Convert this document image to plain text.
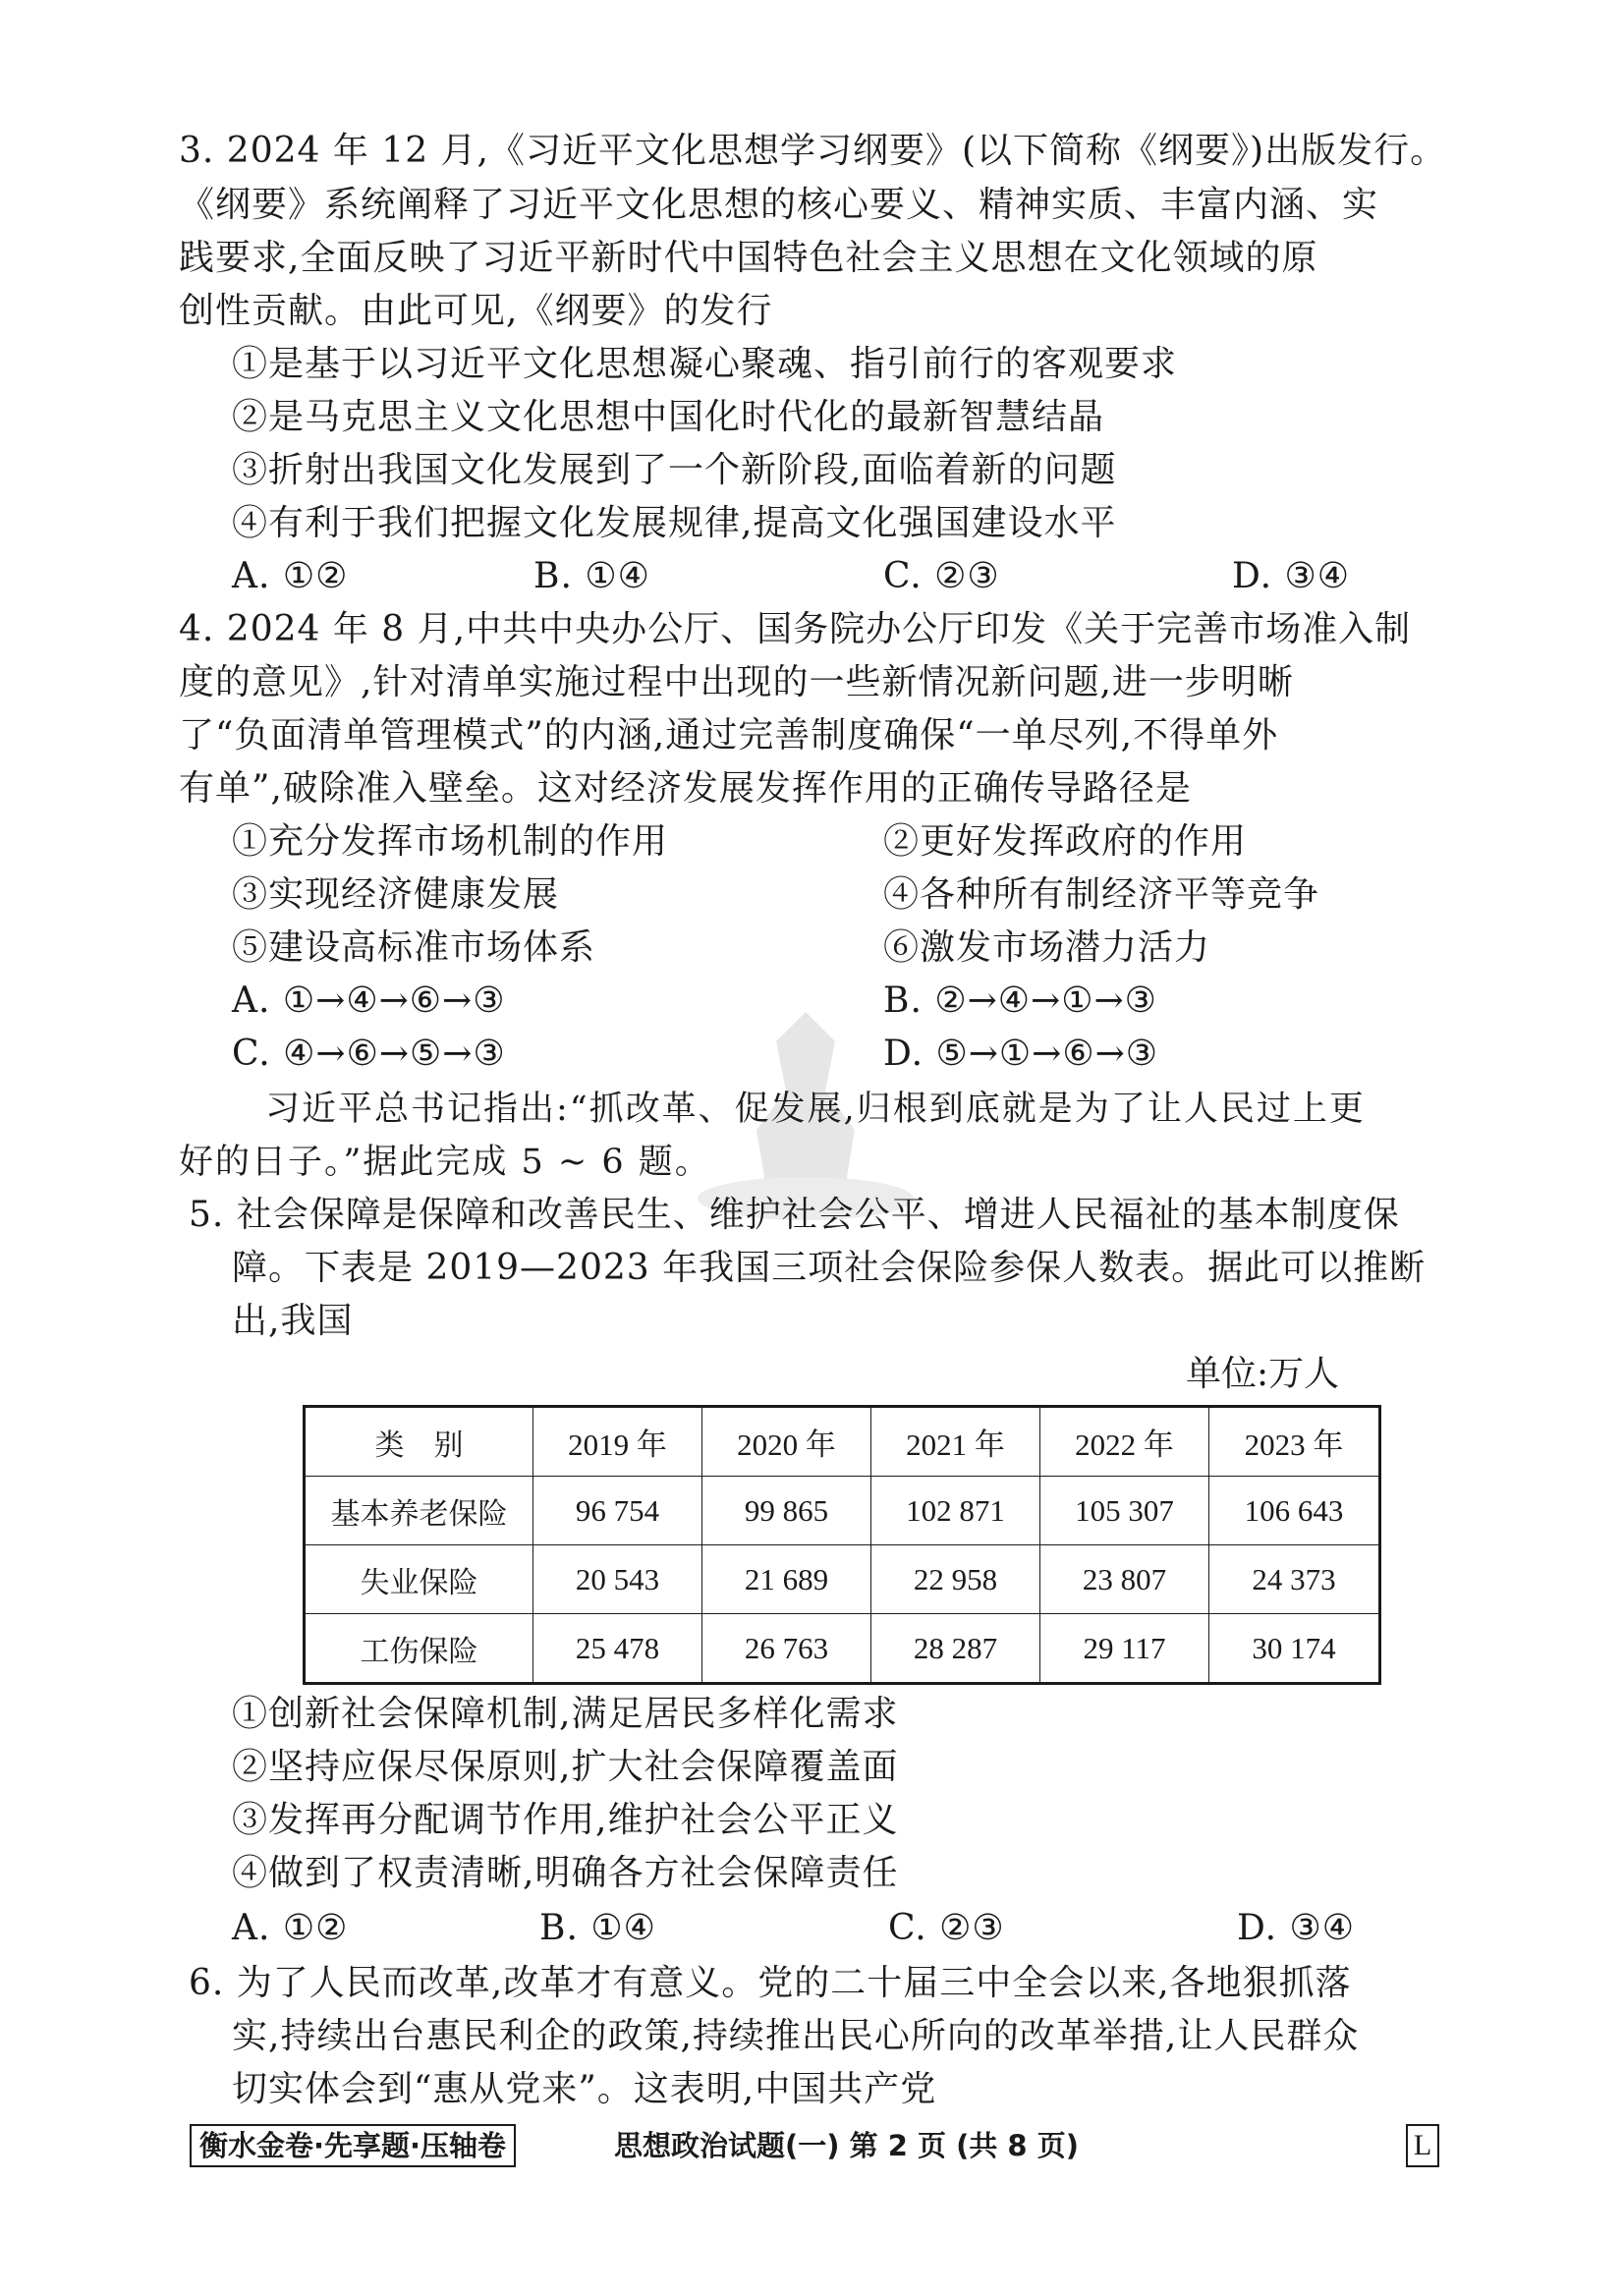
3. 2024 年 12 月,《习近平文化思想学习纲要》(以下简称《纲要》)出版发行。
《纲要》系统阐释了习近平文化思想的核心要义、精神实质、丰富内涵、实
践要求,全面反映了习近平新时代中国特色社会主义思想在文化领域的原
创性贡献。由此可见,《纲要》的发行
①是基于以习近平文化思想凝心聚魂、指引前行的客观要求
②是马克思主义文化思想中国化时代化的最新智慧结晶
③折射出我国文化发展到了一个新阶段,面临着新的问题
④有利于我们把握文化发展规律,提高文化强国建设水平
A. ①②	B. ①④	C. ②③	D. ③④
4. 2024 年 8 月,中共中央办公厅、国务院办公厅印发《关于完善市场准入制
度的意见》,针对清单实施过程中出现的一些新情况新问题,进一步明晰
了“负面清单管理模式”的内涵,通过完善制度确保“一单尽列,不得单外
有单”,破除准入壁垒。这对经济发展发挥作用的正确传导路径是
①充分发挥市场机制的作用	②更好发挥政府的作用
③实现经济健康发展	④各种所有制经济平等竞争
⑤建设高标准市场体系	⑥激发市场潜力活力
A. ①→④→⑥→③	B. ②→④→①→③
C. ④→⑥→⑤→③	D. ⑤→①→⑥→③
习近平总书记指出:“抓改革、促发展,归根到底就是为了让人民过上更
好的日子。”据此完成 5 ~ 6 题。
5. 社会保障是保障和改善民生、维护社会公平、增进人民福祉的基本制度保
障。下表是 2019—2023 年我国三项社会保险参保人数表。据此可以推断
出,我国
单位:万人
类　别	2019 年	2020 年	2021 年	2022 年	2023 年
基本养老保险	96 754	99 865	102 871	105 307	106 643
失业保险	20 543	21 689	22 958	23 807	24 373
工伤保险	25 478	26 763	28 287	29 117	30 174
①创新社会保障机制,满足居民多样化需求
②坚持应保尽保原则,扩大社会保障覆盖面
③发挥再分配调节作用,维护社会公平正义
④做到了权责清晰,明确各方社会保障责任
A. ①②	B. ①④	C. ②③	D. ③④
6. 为了人民而改革,改革才有意义。党的二十届三中全会以来,各地狠抓落
实,持续出台惠民利企的政策,持续推出民心所向的改革举措,让人民群众
切实体会到“惠从党来”。这表明,中国共产党
衡水金卷·先享题·压轴卷	思想政治试题(一) 第 2 页 (共 8 页)	L
